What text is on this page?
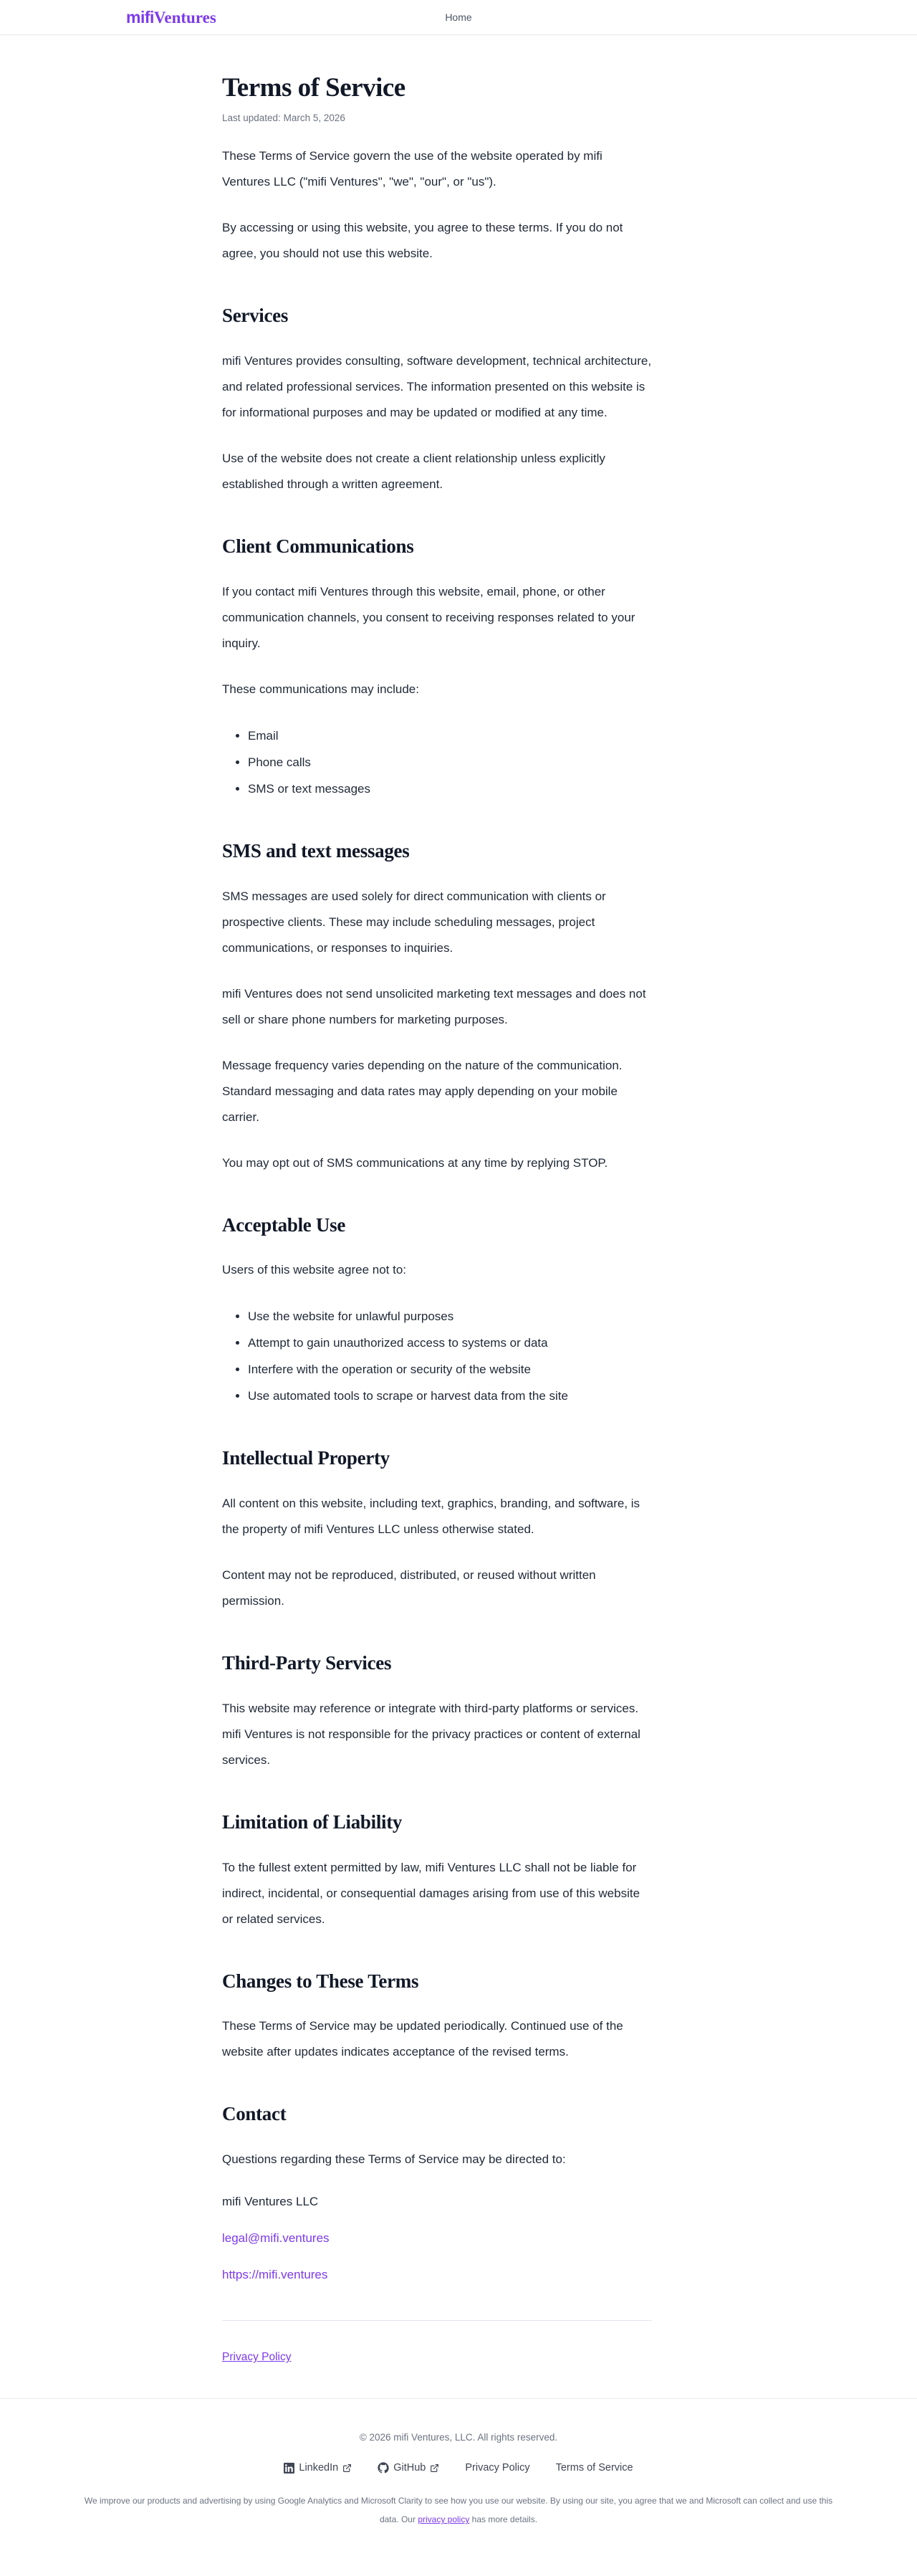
mifiVentures	Home
Terms of Service

Last updated: March 5, 2026

These Terms of Service govern the use of the website operated by mifi Ventures LLC ("mifi Ventures", "we", "our", or "us").

By accessing or using this website, you agree to these terms. If you do not agree, you should not use this website.

Services

mifi Ventures provides consulting, software development, technical architecture, and related professional services. The information presented on this website is for informational purposes and may be updated or modified at any time.

Use of the website does not create a client relationship unless explicitly established through a written agreement.

Client Communications

If you contact mifi Ventures through this website, email, phone, or other communication channels, you consent to receiving responses related to your inquiry.

These communications may include:

• Email
• Phone calls
• SMS or text messages
SMS and text messages

SMS messages are used solely for direct communication with clients or prospective clients. These may include scheduling messages, project communications, or responses to inquiries.

mifi Ventures does not send unsolicited marketing text messages and does not sell or share phone numbers for marketing purposes.

Message frequency varies depending on the nature of the communication. Standard messaging and data rates may apply depending on your mobile carrier.

You may opt out of SMS communications at any time by replying STOP.

Acceptable Use

Users of this website agree not to:

• Use the website for unlawful purposes
• Attempt to gain unauthorized access to systems or data
• Interfere with the operation or security of the website
• Use automated tools to scrape or harvest data from the site
Intellectual Property

All content on this website, including text, graphics, branding, and software, is the property of mifi Ventures LLC unless otherwise stated.

Content may not be reproduced, distributed, or reused without written permission.

Third-Party Services

This website may reference or integrate with third-party platforms or services. mifi Ventures is not responsible for the privacy practices or content of external services.

Limitation of Liability

To the fullest extent permitted by law, mifi Ventures LLC shall not be liable for indirect, incidental, or consequential damages arising from use of this website or related services.

Changes to These Terms

These Terms of Service may be updated periodically. Continued use of the website after updates indicates acceptance of the revised terms.

Contact

Questions regarding these Terms of Service may be directed to:

mifi Ventures LLC

legal@mifi.ventures

https://mifi.ventures

Privacy Policy
© 2026 mifi Ventures, LLC. All rights reserved.
LinkedIn	GitHub	Privacy Policy Terms of Service

We improve our products and advertising by using Google Analytics and Microsoft Clarity to see how you use our website. By using our site, you agree that we and Microsoft can collect and use this data. Our privacy policy has more details.
